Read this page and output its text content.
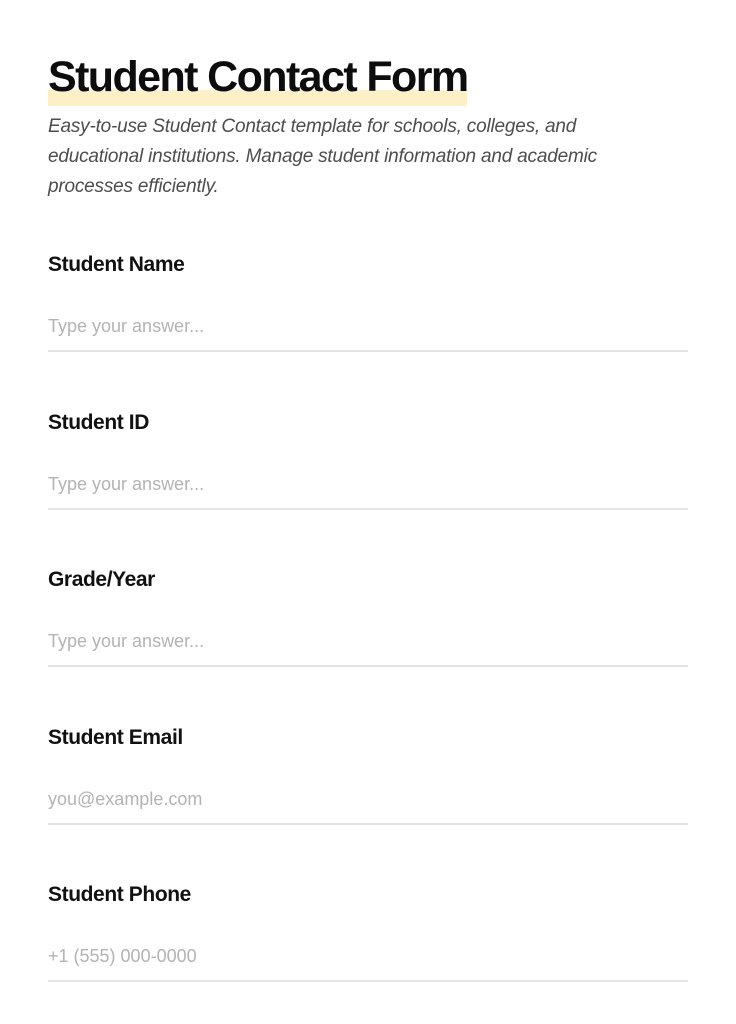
Student Contact Form

Easy-to-use Student Contact template for schools, colleges, and educational institutions. Manage student information and academic processes efficiently.

Student Name
Type your answer...
Student ID
Type your answer...
Grade/Year
Type your answer...
Student Email
you@example.com
Student Phone
+1 (555) 000-0000
